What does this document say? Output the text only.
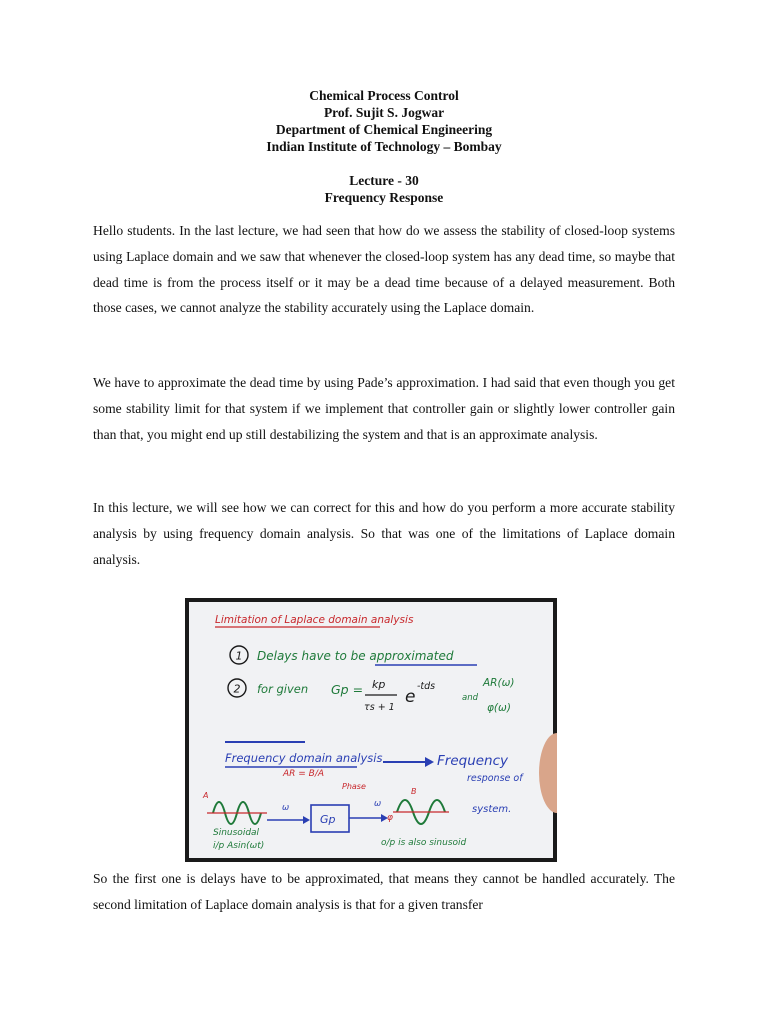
Chemical Process Control
Prof. Sujit S. Jogwar
Department of Chemical Engineering
Indian Institute of Technology – Bombay
Lecture - 30
Frequency Response

Hello students. In the last lecture, we had seen that how do we assess the stability of closed-loop systems using Laplace domain and we saw that whenever the closed-loop system has any dead time, so maybe that dead time is from the process itself or it may be a dead time because of a delayed measurement. Both those cases, we cannot analyze the stability accurately using the Laplace domain.

We have to approximate the dead time by using Pade’s approximation. I had said that even though you get some stability limit for that system if we implement that controller gain or slightly lower controller gain than that, you might end up still destabilizing the system and that is an approximate analysis.

In this lecture, we will see how we can correct for this and how do you perform a more accurate stability analysis by using frequency domain analysis. So that was one of the limitations of Laplace domain analysis.

Limitation of Laplace domain analysis
1 Delays have to be approximated
2 for given Gp = kp
τs + 1
e
-tds	AR(ω)
and
φ(ω)
Frequency domain analysis	Frequency
response of
system.
AR = B/A
Phase
A
ω
Gp
ω
φ
B
Sinusoidal
i/p Asin(ωt)	o/p is also sinusoid

So the first one is delays have to be approximated, that means they cannot be handled accurately. The second limitation of Laplace domain analysis is that for a given transfer
